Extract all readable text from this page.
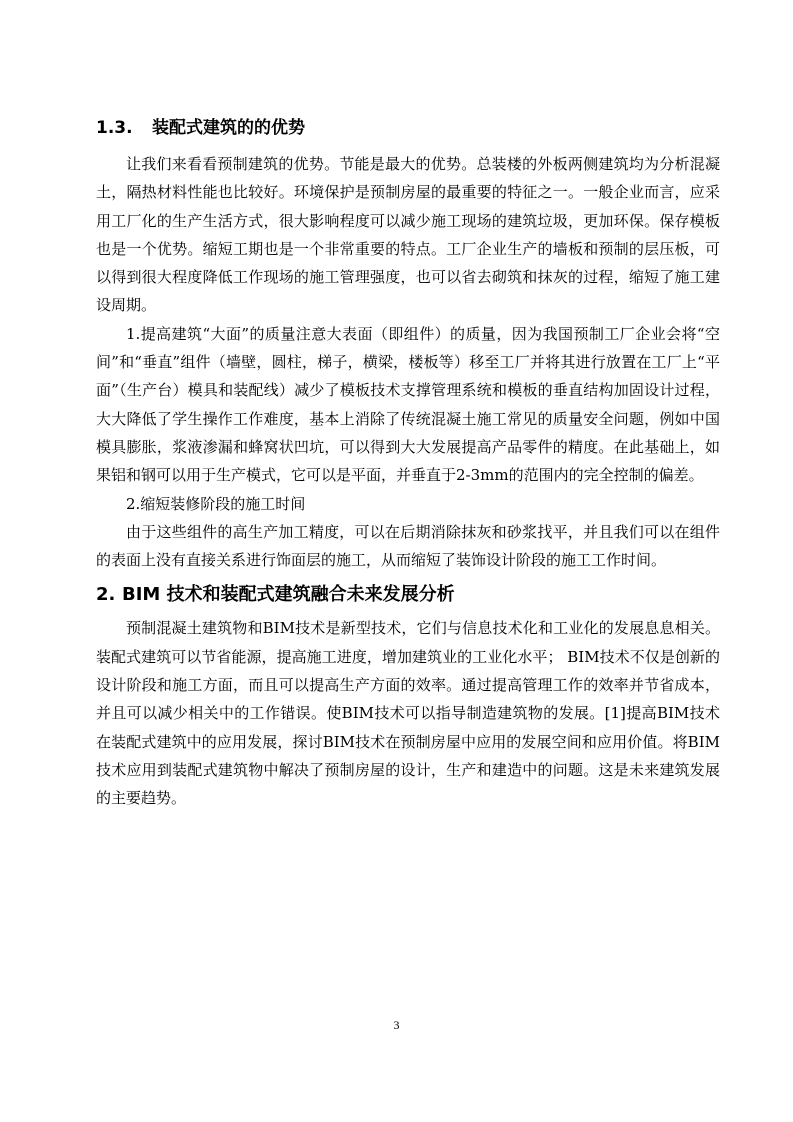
1.3. 装配式建筑的的优势

让我们来看看预制建筑的优势。节能是最大的优势。总装楼的外板两侧建筑均为分析混凝土，隔热材料性能也比较好。环境保护是预制房屋的最重要的特征之一。一般企业而言，应采用工厂化的生产生活方式，很大影响程度可以减少施工现场的建筑垃圾，更加环保。保存模板也是一个优势。缩短工期也是一个非常重要的特点。工厂企业生产的墙板和预制的层压板，可以得到很大程度降低工作现场的施工管理强度，也可以省去砌筑和抹灰的过程，缩短了施工建设周期。

1.提高建筑“大面”的质量注意大表面（即组件）的质量，因为我国预制工厂企业会将“空间”和“垂直”组件（墙壁，圆柱，梯子，横梁，楼板等）移至工厂并将其进行放置在工厂上“平面”（生产台）模具和装配线）减少了模板技术支撑管理系统和模板的垂直结构加固设计过程，大大降低了学生操作工作难度，基本上消除了传统混凝土施工常见的质量安全问题，例如中国模具膨胀，浆液渗漏和蜂窝状凹坑，可以得到大大发展提高产品零件的精度。在此基础上，如果铝和钢可以用于生产模式，它可以是平面，并垂直于2-3mm的范围内的完全控制的偏差。

2.缩短装修阶段的施工时间

由于这些组件的高生产加工精度，可以在后期消除抹灰和砂浆找平，并且我们可以在组件的表面上没有直接关系进行饰面层的施工，从而缩短了装饰设计阶段的施工工作时间。

2. BIM 技术和装配式建筑融合未来发展分析

预制混凝土建筑物和BIM技术是新型技术，它们与信息技术化和工业化的发展息息相关。装配式建筑可以节省能源，提高施工进度，增加建筑业的工业化水平； BIM技术不仅是创新的设计阶段和施工方面，而且可以提高生产方面的效率。通过提高管理工作的效率并节省成本，并且可以减少相关中的工作错误。使BIM技术可以指导制造建筑物的发展。[1]提高BIM技术在装配式建筑中的应用发展，探讨BIM技术在预制房屋中应用的发展空间和应用价值。将BIM技术应用到装配式建筑物中解决了预制房屋的设计，生产和建造中的问题。这是未来建筑发展的主要趋势。

3
